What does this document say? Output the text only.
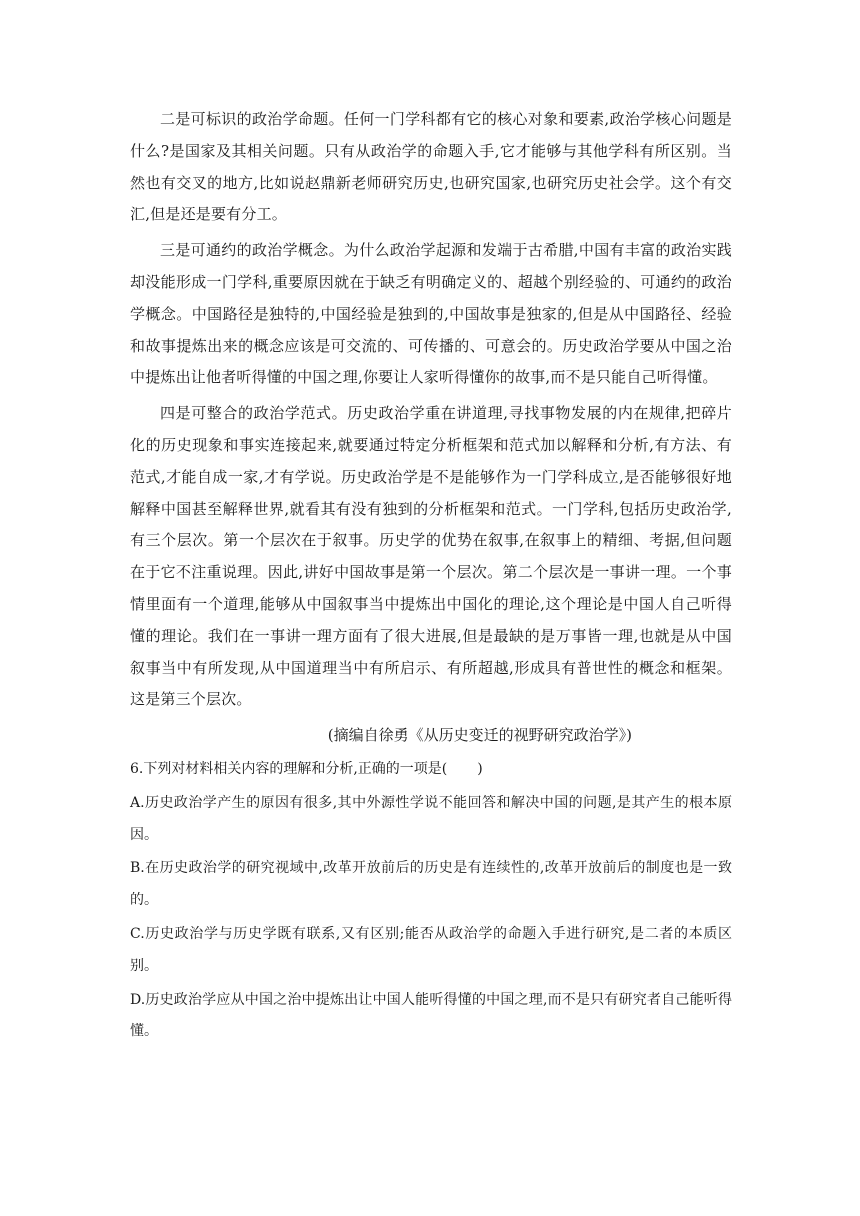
二是可标识的政治学命题。任何一门学科都有它的核心对象和要素,政治学核心问题是什么?是国家及其相关问题。只有从政治学的命题入手,它才能够与其他学科有所区别。当然也有交叉的地方,比如说赵鼎新老师研究历史,也研究国家,也研究历史社会学。这个有交汇,但是还是要有分工。

三是可通约的政治学概念。为什么政治学起源和发端于古希腊,中国有丰富的政治实践却没能形成一门学科,重要原因就在于缺乏有明确定义的、超越个别经验的、可通约的政治学概念。中国路径是独特的,中国经验是独到的,中国故事是独家的,但是从中国路径、经验和故事提炼出来的概念应该是可交流的、可传播的、可意会的。历史政治学要从中国之治中提炼出让他者听得懂的中国之理,你要让人家听得懂你的故事,而不是只能自己听得懂。

四是可整合的政治学范式。历史政治学重在讲道理,寻找事物发展的内在规律,把碎片化的历史现象和事实连接起来,就要通过特定分析框架和范式加以解释和分析,有方法、有范式,才能自成一家,才有学说。历史政治学是不是能够作为一门学科成立,是否能够很好地解释中国甚至解释世界,就看其有没有独到的分析框架和范式。一门学科,包括历史政治学,有三个层次。第一个层次在于叙事。历史学的优势在叙事,在叙事上的精细、考据,但问题在于它不注重说理。因此,讲好中国故事是第一个层次。第二个层次是一事讲一理。一个事情里面有一个道理,能够从中国叙事当中提炼出中国化的理论,这个理论是中国人自己听得懂的理论。我们在一事讲一理方面有了很大进展,但是最缺的是万事皆一理,也就是从中国叙事当中有所发现,从中国道理当中有所启示、有所超越,形成具有普世性的概念和框架。这是第三个层次。

(摘编自徐勇《从历史变迁的视野研究政治学》)

6.下列对材料相关内容的理解和分析,正确的一项是( )

A.历史政治学产生的原因有很多,其中外源性学说不能回答和解决中国的问题,是其产生的根本原因。

B.在历史政治学的研究视域中,改革开放前后的历史是有连续性的,改革开放前后的制度也是一致的。

C.历史政治学与历史学既有联系,又有区别;能否从政治学的命题入手进行研究,是二者的本质区别。

D.历史政治学应从中国之治中提炼出让中国人能听得懂的中国之理,而不是只有研究者自己能听得懂。
